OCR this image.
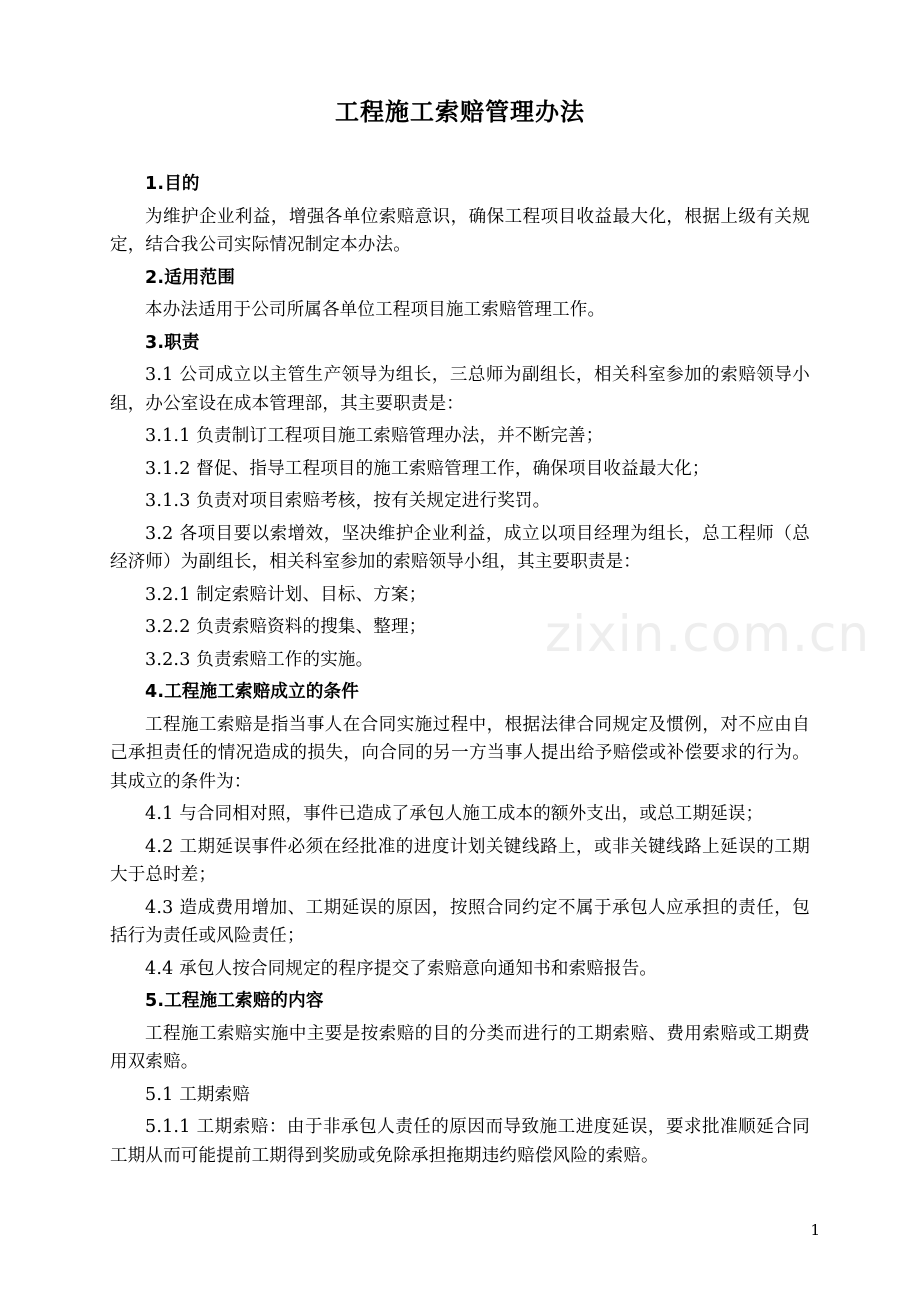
工程施工索赔管理办法

1.目的

为维护企业利益，增强各单位索赔意识，确保工程项目收益最大化，根据上级有关规定，结合我公司实际情况制定本办法。

2.适用范围

本办法适用于公司所属各单位工程项目施工索赔管理工作。

3.职责

3.1 公司成立以主管生产领导为组长，三总师为副组长，相关科室参加的索赔领导小组，办公室设在成本管理部，其主要职责是：

3.1.1 负责制订工程项目施工索赔管理办法，并不断完善；

3.1.2 督促、指导工程项目的施工索赔管理工作，确保项目收益最大化；

3.1.3 负责对项目索赔考核，按有关规定进行奖罚。

3.2 各项目要以索增效，坚决维护企业利益，成立以项目经理为组长，总工程师（总经济师）为副组长，相关科室参加的索赔领导小组，其主要职责是：

3.2.1 制定索赔计划、目标、方案；

3.2.2 负责索赔资料的搜集、整理；

3.2.3 负责索赔工作的实施。

4.工程施工索赔成立的条件

工程施工索赔是指当事人在合同实施过程中，根据法律合同规定及惯例，对不应由自己承担责任的情况造成的损失，向合同的另一方当事人提出给予赔偿或补偿要求的行为。其成立的条件为：

4.1 与合同相对照，事件已造成了承包人施工成本的额外支出，或总工期延误；

4.2 工期延误事件必须在经批准的进度计划关键线路上，或非关键线路上延误的工期大于总时差；

4.3 造成费用增加、工期延误的原因，按照合同约定不属于承包人应承担的责任，包括行为责任或风险责任；

4.4 承包人按合同规定的程序提交了索赔意向通知书和索赔报告。

5.工程施工索赔的内容

工程施工索赔实施中主要是按索赔的目的分类而进行的工期索赔、费用索赔或工期费用双索赔。

5.1 工期索赔

5.1.1 工期索赔：由于非承包人责任的原因而导致施工进度延误，要求批准顺延合同工期从而可能提前工期得到奖励或免除承担拖期违约赔偿风险的索赔。

zixin.com.cn
1
